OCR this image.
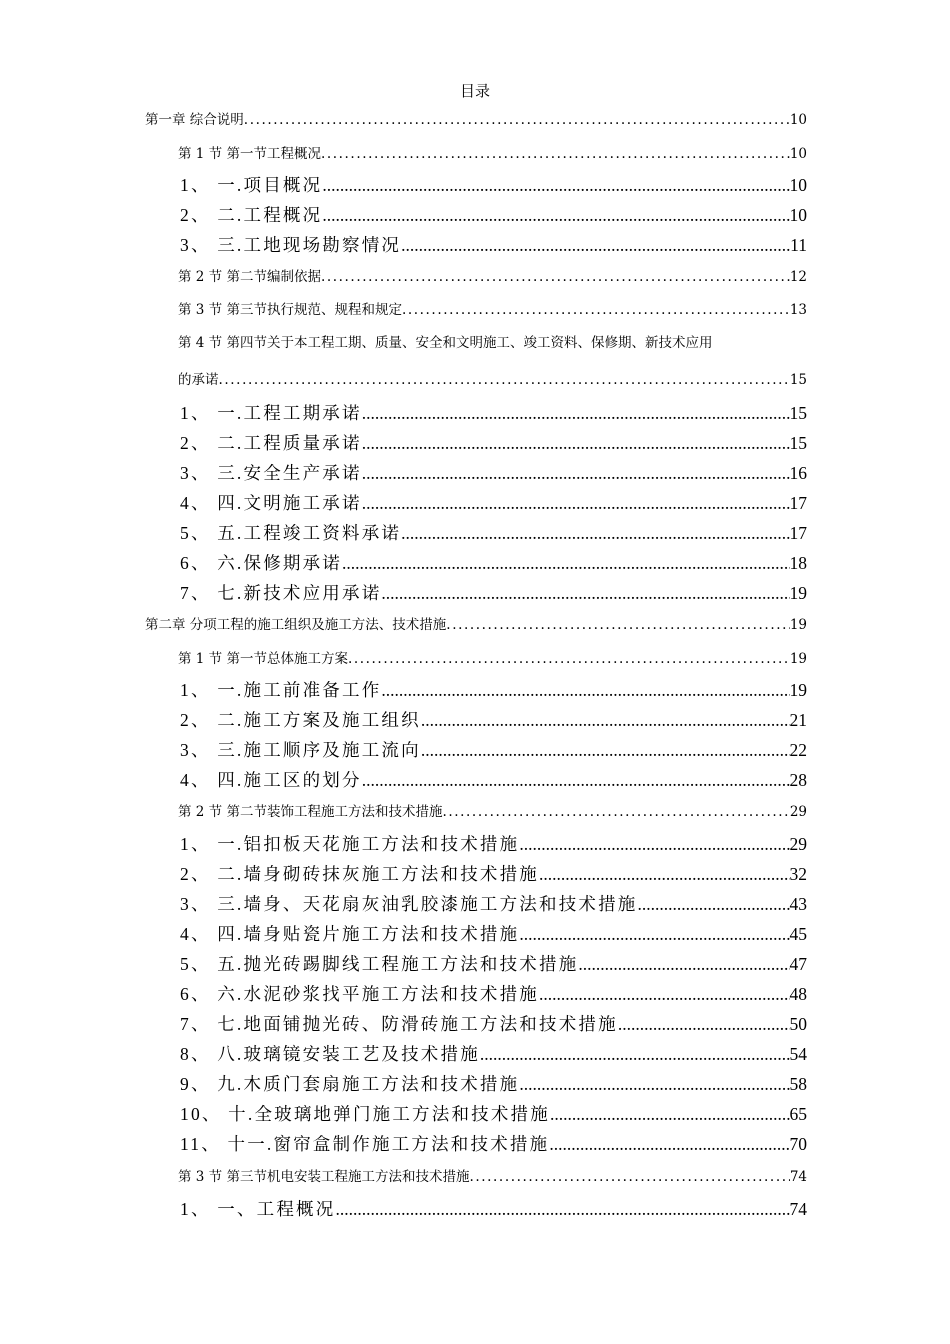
目录
第一章 综合说明 .....	10
第 1 节 第一节工程概况 .....	10
1、 一.项目概况 .....	10
2、 二.工程概况 .....	10
3、 三.工地现场勘察情况 .....	11
第 2 节 第二节编制依据 .....	12
第 3 节 第三节执行规范、规程和规定 .....	13
第 4 节 第四节关于本工程工期、质量、安全和文明施工、竣工资料、保修期、新技术应用
的承诺 .....	15
1、 一.工程工期承诺 .....	15
2、 二.工程质量承诺 .....	15
3、 三.安全生产承诺 .....	16
4、 四.文明施工承诺 .....	17
5、 五.工程竣工资料承诺 .....	17
6、 六.保修期承诺 .....	18
7、 七.新技术应用承诺 .....	19
第二章 分项工程的施工组织及施工方法、技术措施 .....	19
第 1 节 第一节总体施工方案 .....	19
1、 一.施工前准备工作 .....	19
2、 二.施工方案及施工组织 .....	21
3、 三.施工顺序及施工流向 .....	22
4、 四.施工区的划分 .....	28
第 2 节 第二节装饰工程施工方法和技术措施 .....	29
1、 一.铝扣板天花施工方法和技术措施 .....	29
2、 二.墙身砌砖抹灰施工方法和技术措施 .....	32
3、 三.墙身、天花扇灰油乳胶漆施工方法和技术措施 .....	43
4、 四.墙身贴瓷片施工方法和技术措施 .....	45
5、 五.抛光砖踢脚线工程施工方法和技术措施 .....	47
6、 六.水泥砂浆找平施工方法和技术措施 .....	48
7、 七.地面铺抛光砖、防滑砖施工方法和技术措施 .....	50
8、 八.玻璃镜安装工艺及技术措施 .....	54
9、 九.木质门套扇施工方法和技术措施 .....	58
10、 十.全玻璃地弹门施工方法和技术措施 .....	65
11、 十一.窗帘盒制作施工方法和技术措施 .....	70
第 3 节 第三节机电安装工程施工方法和技术措施 .....	74
1、 一、工程概况 .....	74
